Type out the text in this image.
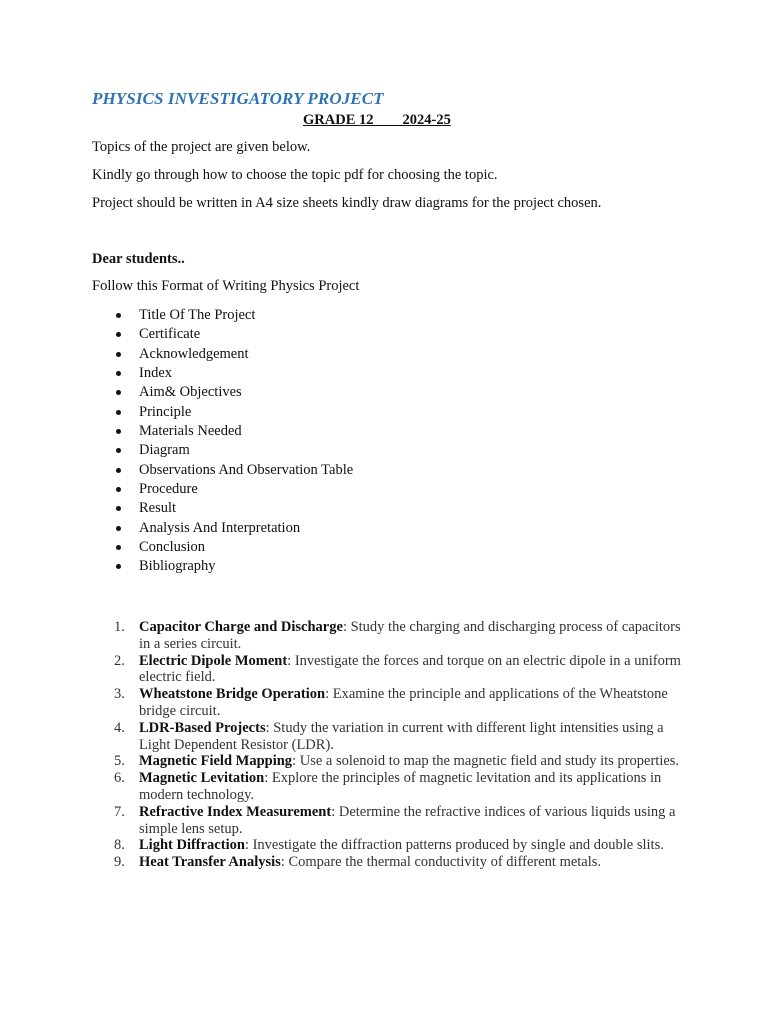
PHYSICS INVESTIGATORY PROJECT
GRADE 12        2024-25
Topics of the project are given below.
Kindly go through how to choose the topic pdf for choosing the topic.
Project should be written in A4 size sheets kindly draw diagrams for the project chosen.
Dear students..
Follow this Format of Writing Physics Project
Title Of The Project
Certificate
Acknowledgement
Index
Aim& Objectives
Principle
Materials Needed
Diagram
Observations And Observation Table
Procedure
Result
Analysis And Interpretation
Conclusion
Bibliography
1. Capacitor Charge and Discharge: Study the charging and discharging process of capacitors in a series circuit.
2. Electric Dipole Moment: Investigate the forces and torque on an electric dipole in a uniform electric field.
3. Wheatstone Bridge Operation: Examine the principle and applications of the Wheatstone bridge circuit.
4. LDR-Based Projects: Study the variation in current with different light intensities using a Light Dependent Resistor (LDR).
5. Magnetic Field Mapping: Use a solenoid to map the magnetic field and study its properties.
6. Magnetic Levitation: Explore the principles of magnetic levitation and its applications in modern technology.
7. Refractive Index Measurement: Determine the refractive indices of various liquids using a simple lens setup.
8. Light Diffraction: Investigate the diffraction patterns produced by single and double slits.
9. Heat Transfer Analysis: Compare the thermal conductivity of different metals.
